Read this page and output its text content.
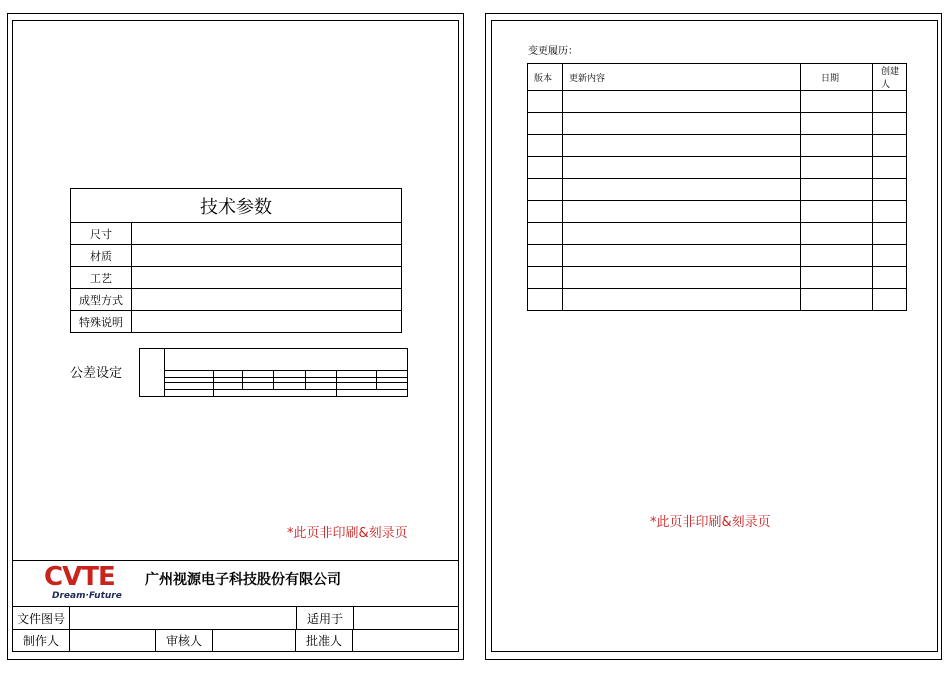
技术参数	
尺寸	
材质	
工艺	
成型方式	
特殊说明	
公差设定
*此页非印刷&刻录页
CVTE
Dream·Future
广州视源电子科技股份有限公司
文件图号		适用于	
制作人		审核人		批准人	
变更履历：
版本	更新内容	日期	创建人

*此页非印刷&刻录页
